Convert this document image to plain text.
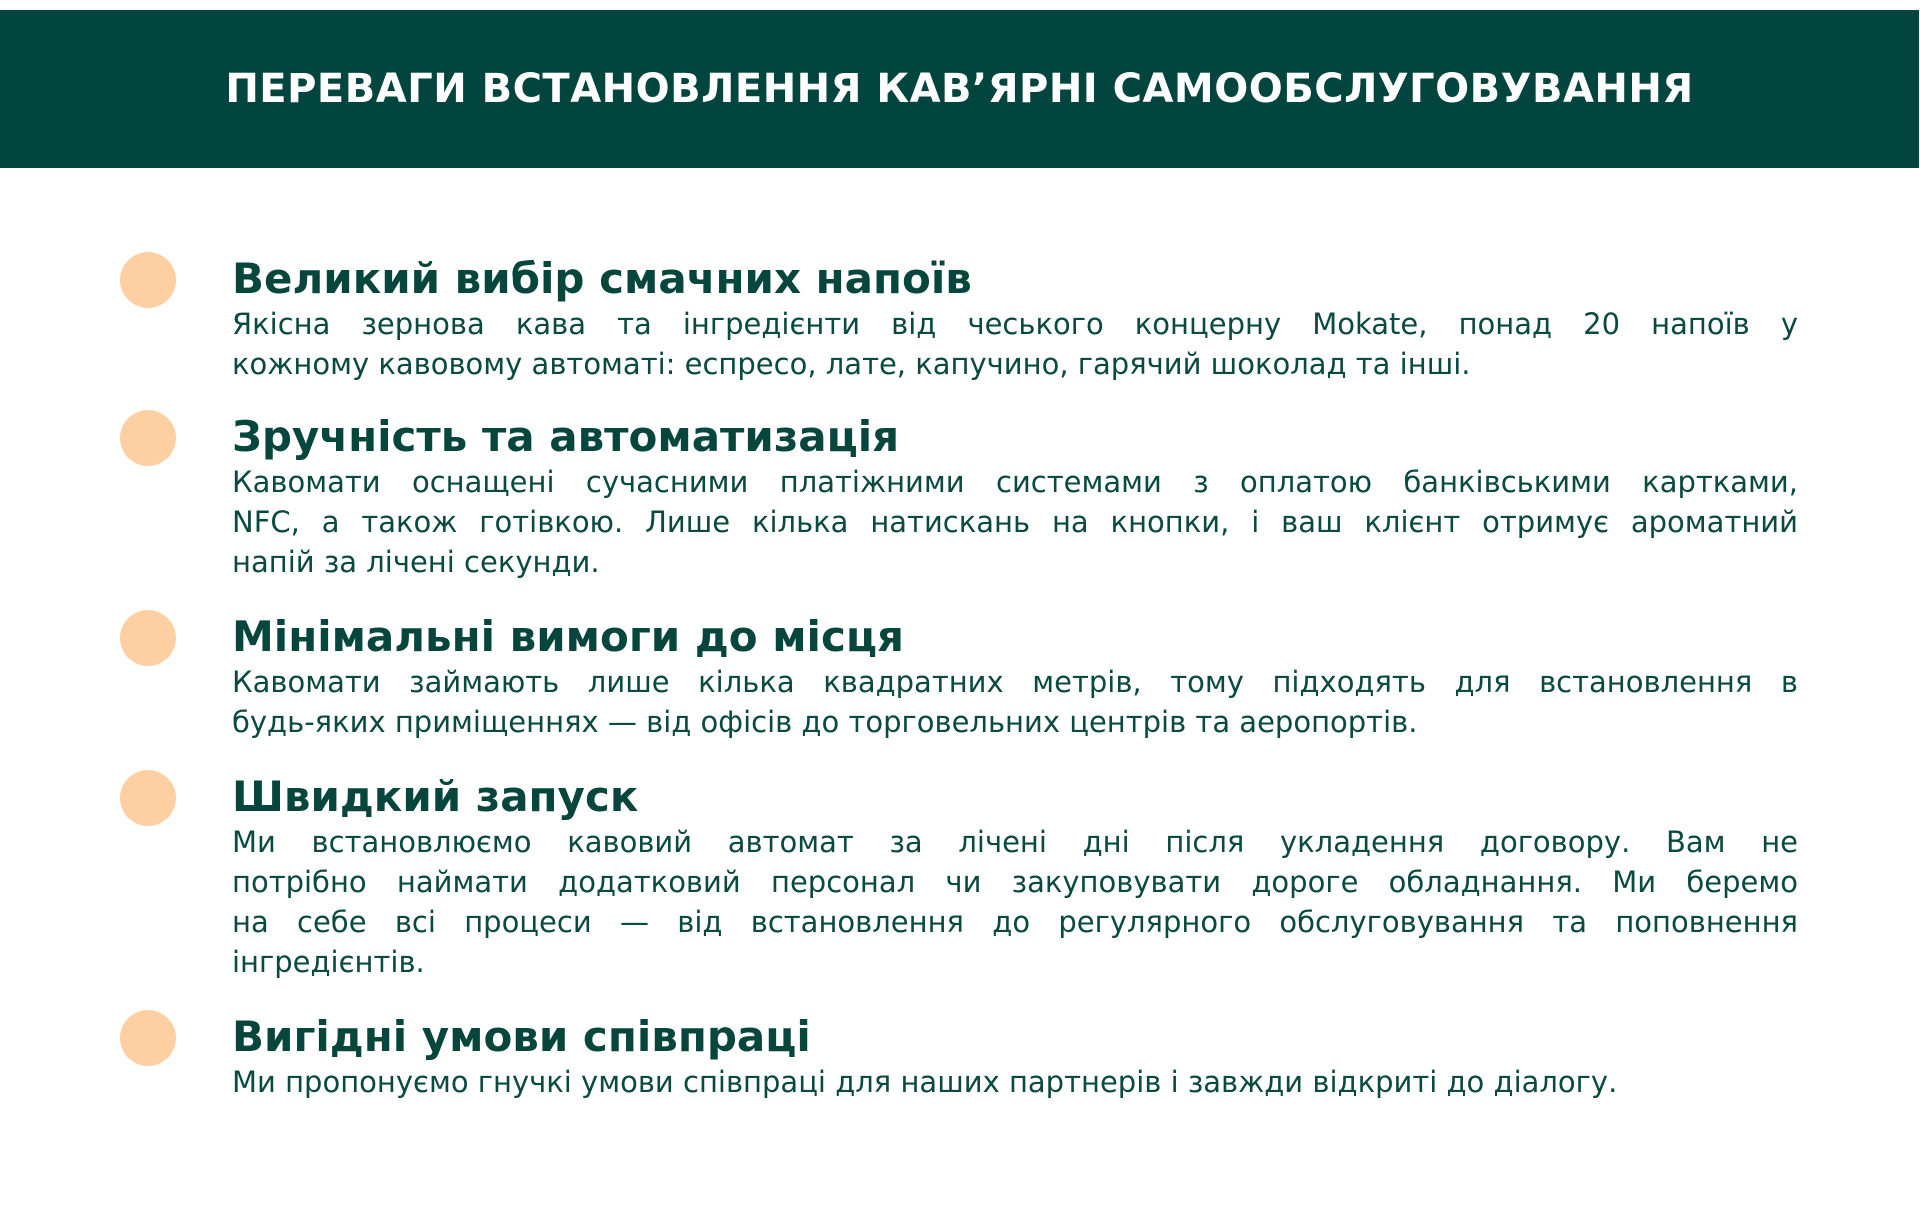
ПЕРЕВАГИ ВСТАНОВЛЕННЯ КАВ’ЯРНІ САМООБСЛУГОВУВАННЯ
Великий вибір смачних напоїв
Якісна зернова кава та інгредієнти від чеського концерну Mokate, понад 20 напоїв у
кожному кавовому автоматі: еспресо, лате, капучино, гарячий шоколад та інші.
Зручність та автоматизація
Кавомати оснащені сучасними платіжними системами з оплатою банківськими картками,
NFC, а також готівкою. Лише кілька натискань на кнопки, і ваш клієнт отримує ароматний
напій за лічені секунди.
Мінімальні вимоги до місця
Кавомати займають лише кілька квадратних метрів, тому підходять для встановлення в
будь-яких приміщеннях — від офісів до торговельних центрів та аеропортів.
Швидкий запуск
Ми встановлюємо кавовий автомат за лічені дні після укладення договору. Вам не
потрібно наймати додатковий персонал чи закуповувати дороге обладнання. Ми беремо
на себе всі процеси — від встановлення до регулярного обслуговування та поповнення
інгредієнтів.
Вигідні умови співпраці
Ми пропонуємо гнучкі умови співпраці для наших партнерів і завжди відкриті до діалогу.
